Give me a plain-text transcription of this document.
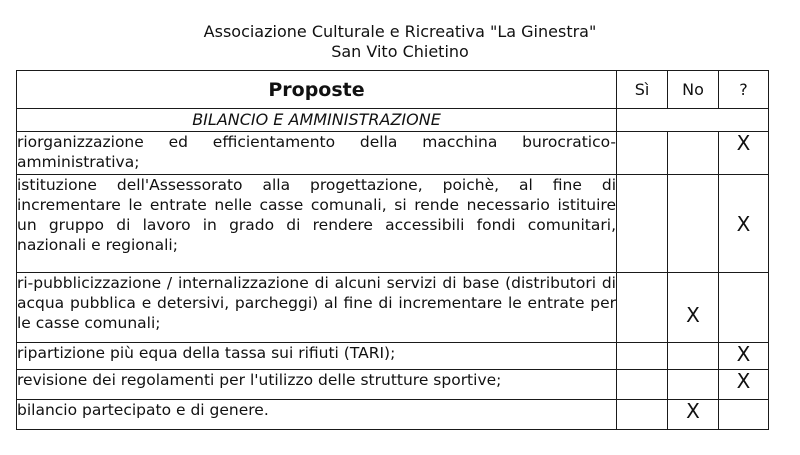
Associazione Culturale e Ricreativa "La Ginestra"
San Vito Chietino
Proposte	Sì	No	?
BILANCIO E AMMINISTRAZIONE			
riorganizzazione ed efficientamento della macchina burocratico-amministrativa;			X
istituzione dell'Assessorato alla progettazione, poichè, al fine di incrementare le entrate nelle casse comunali, si rende necessario istituire un gruppo di lavoro in grado di rendere accessibili fondi comunitari, nazionali e regionali;			X
ri-pubblicizzazione / internalizzazione di alcuni servizi di base (distributori di acqua pubblica e detersivi, parcheggi) al fine di incrementare le entrate per le casse comunali;		X	
ripartizione più equa della tassa sui rifiuti (TARI);			X
revisione dei regolamenti per l'utilizzo delle strutture sportive;			X
bilancio partecipato e di genere.		X	
